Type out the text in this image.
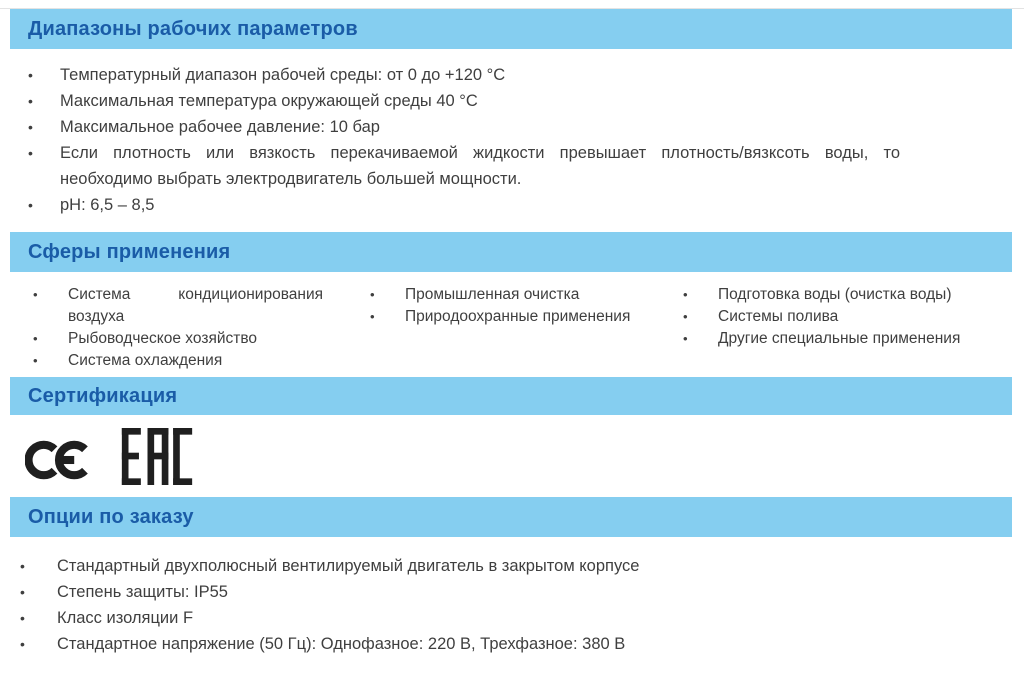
Диапазоны рабочих параметров
• Температурный диапазон рабочей среды: от 0 до +120 °C
• Максимальная температура окружающей среды 40 °C
• Максимальное рабочее давление: 10 бар
• Если плотность или вязкость перекачиваемой жидкости превышает плотность/вязксоть воды, то необходимо выбрать электродвигатель большей мощности.
• pH: 6,5 – 8,5
Сферы применения
• Система кондиционирования воздуха
• Рыбоводческое хозяйство
• Система охлаждения
• Промышленная очистка
• Природоохранные применения
• Подготовка воды (очистка воды)
• Системы полива
• Другие специальные применения
Сертификация
Опции по заказу
• Стандартный двухполюсный вентилируемый двигатель в закрытом корпусе
• Степень защиты: IP55
• Класс изоляции F
• Стандартное напряжение (50 Гц): Однофазное: 220 В, Трехфазное: 380 В
